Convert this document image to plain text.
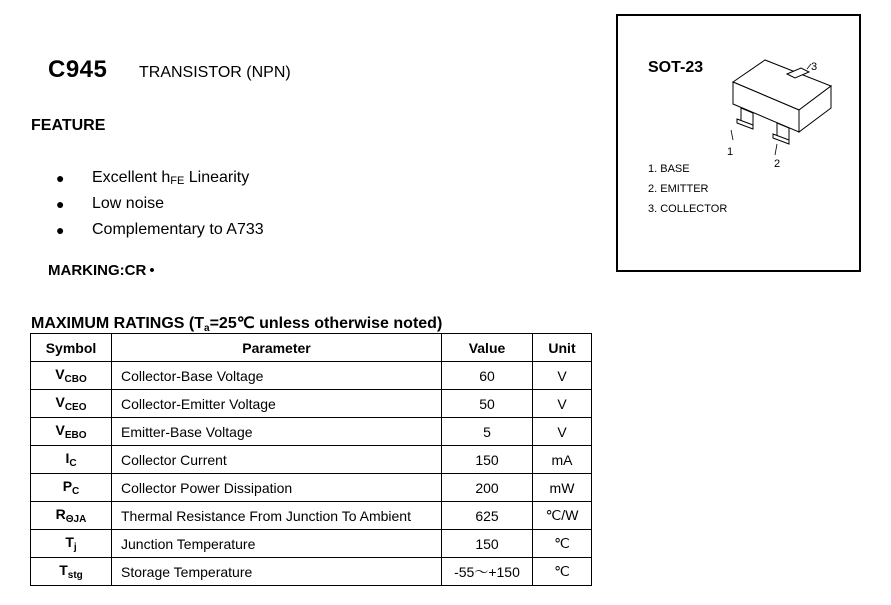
C945 TRANSISTOR (NPN)
FEATURE
● Excellent $h_{FE}$ Linearity
● Low noise
● Complementary to A733
MARKING:CR •
SOT-23
1
2
3
1. BASE
2. EMITTER
3. COLLECTOR
MAXIMUM RATINGS ($T_a=25℃$ unless otherwise noted)
Symbol	Parameter	Value	Unit
$V_{CBO}$	Collector-Base Voltage	60	V
$V_{CEO}$	Collector-Emitter Voltage	50	V
$V_{EBO}$	Emitter-Base Voltage	5	V
$I_C$	Collector Current	150	mA
$P_C$	Collector Power Dissipation	200	mW
$R_{\Theta JA}$	Thermal Resistance From Junction To Ambient	625	℃/W
$T_j$	Junction Temperature	150	℃
$T_{stg}$	Storage Temperature	-55～+150	℃
